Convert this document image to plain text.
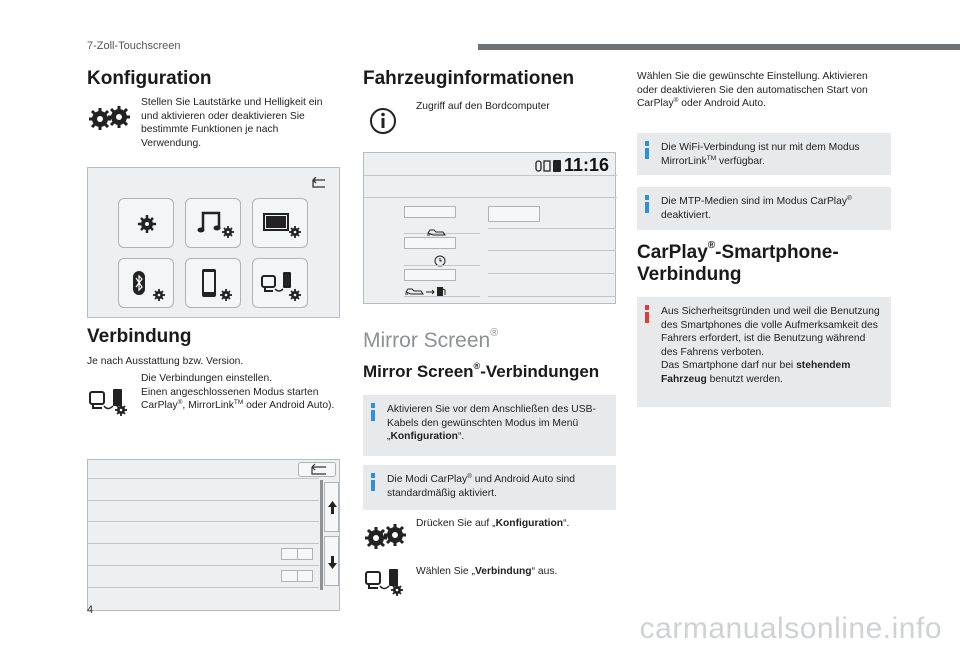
7-Zoll-Touchscreen
Konfiguration
Stellen Sie Lautstärke und Helligkeit ein und aktivieren oder deaktivieren Sie bestimmte Funktionen je nach Verwendung.
Verbindung
Je nach Ausstattung bzw. Version.
Die Verbindungen einstellen.
Einen angeschlossenen Modus starten CarPlay®, MirrorLink™ oder Android Auto).
Fahrzeuginformationen
Zugriff auf den Bordcomputer
11:16
Mirror Screen®
Mirror Screen®-Verbindungen
Aktivieren Sie vor dem Anschließen des USB-Kabels den gewünschten Modus im Menü „Konfiguration“.
Die Modi CarPlay® und Android Auto sind standardmäßig aktiviert.
Drücken Sie auf „Konfiguration“.
Wählen Sie „Verbindung“ aus.
Wählen Sie die gewünschte Einstellung. Aktivieren oder deaktivieren Sie den automatischen Start von CarPlay® oder Android Auto.
Die WiFi-Verbindung ist nur mit dem Modus MirrorLink™ verfügbar.
Die MTP-Medien sind im Modus CarPlay® deaktiviert.
CarPlay®-Smartphone-
Verbindung
Aus Sicherheitsgründen und weil die Benutzung des Smartphones die volle Aufmerksamkeit des Fahrers erfordert, ist die Benutzung während des Fahrens verboten.
Das Smartphone darf nur bei stehendem Fahrzeug benutzt werden.
4
carmanualsonline.info
